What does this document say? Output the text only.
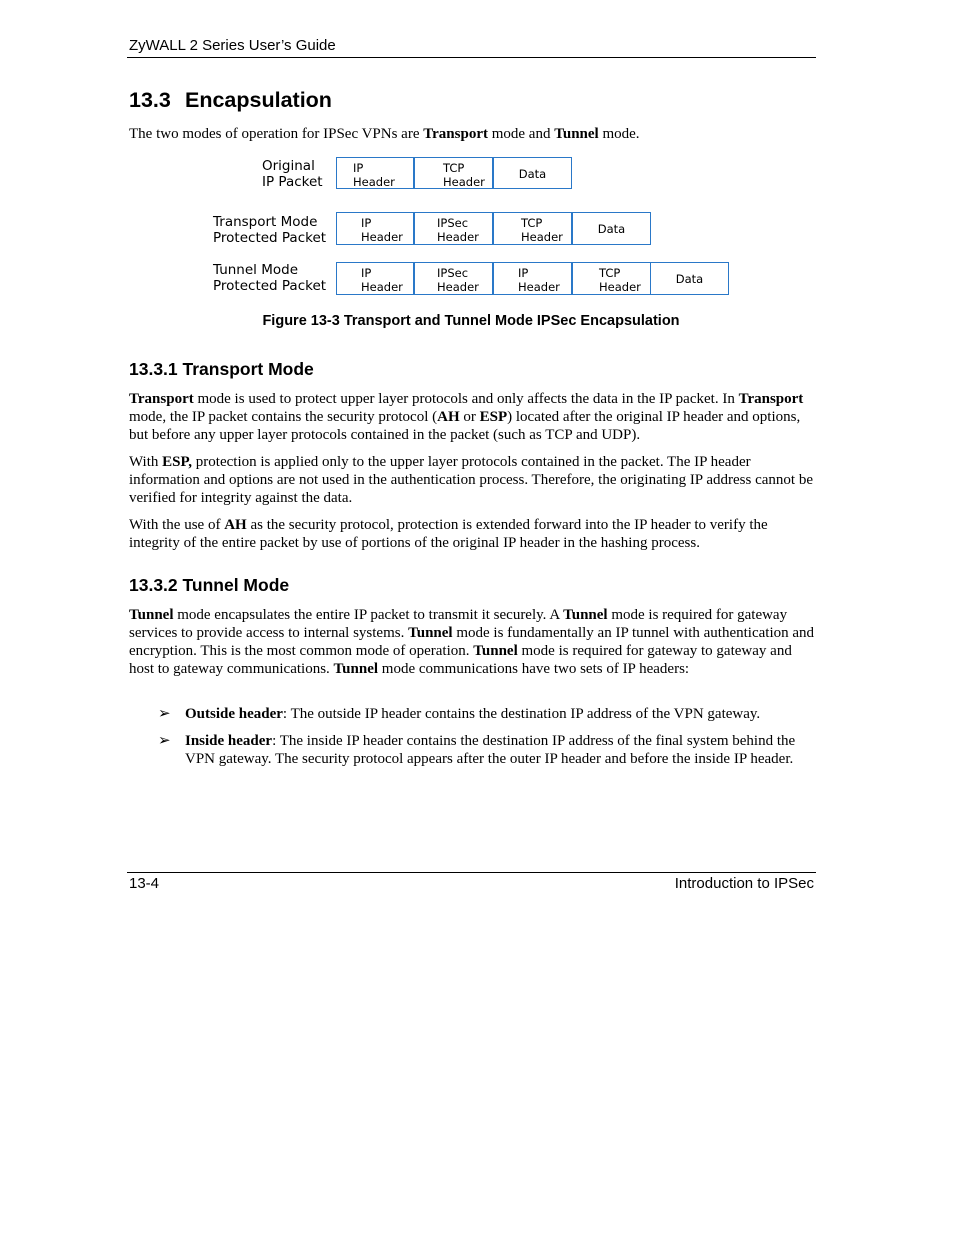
ZyWALL 2 Series User’s Guide
13.3 Encapsulation
The two modes of operation for IPSec VPNs are Transport mode and Tunnel mode.
Original
IP Packet
IP
Header
TCP
Header
Data
Transport Mode
Protected Packet
IP
Header
IPSec
Header
TCP
Header
Data
Tunnel Mode
Protected Packet
IP
Header
IPSec
Header
IP
Header
TCP
Header
Data
Figure 13-3 Transport and Tunnel Mode IPSec Encapsulation
13.3.1 Transport Mode
Transport mode is used to protect upper layer protocols and only affects the data in the IP packet. In Transport mode, the IP packet contains the security protocol (AH or ESP) located after the original IP header and options, but before any upper layer protocols contained in the packet (such as TCP and UDP).
With ESP, protection is applied only to the upper layer protocols contained in the packet. The IP header information and options are not used in the authentication process. Therefore, the originating IP address cannot be verified for integrity against the data.
With the use of AH as the security protocol, protection is extended forward into the IP header to verify the integrity of the entire packet by use of portions of the original IP header in the hashing process.
13.3.2 Tunnel Mode
Tunnel mode encapsulates the entire IP packet to transmit it securely. A Tunnel mode is required for gateway services to provide access to internal systems. Tunnel mode is fundamentally an IP tunnel with authentication and encryption. This is the most common mode of operation. Tunnel mode is required for gateway to gateway and host to gateway communications. Tunnel mode communications have two sets of IP headers:
➢ Outside header: The outside IP header contains the destination IP address of the VPN gateway.
➢ Inside header: The inside IP header contains the destination IP address of the final system behind the VPN gateway. The security protocol appears after the outer IP header and before the inside IP header.
13-4	Introduction to IPSec
